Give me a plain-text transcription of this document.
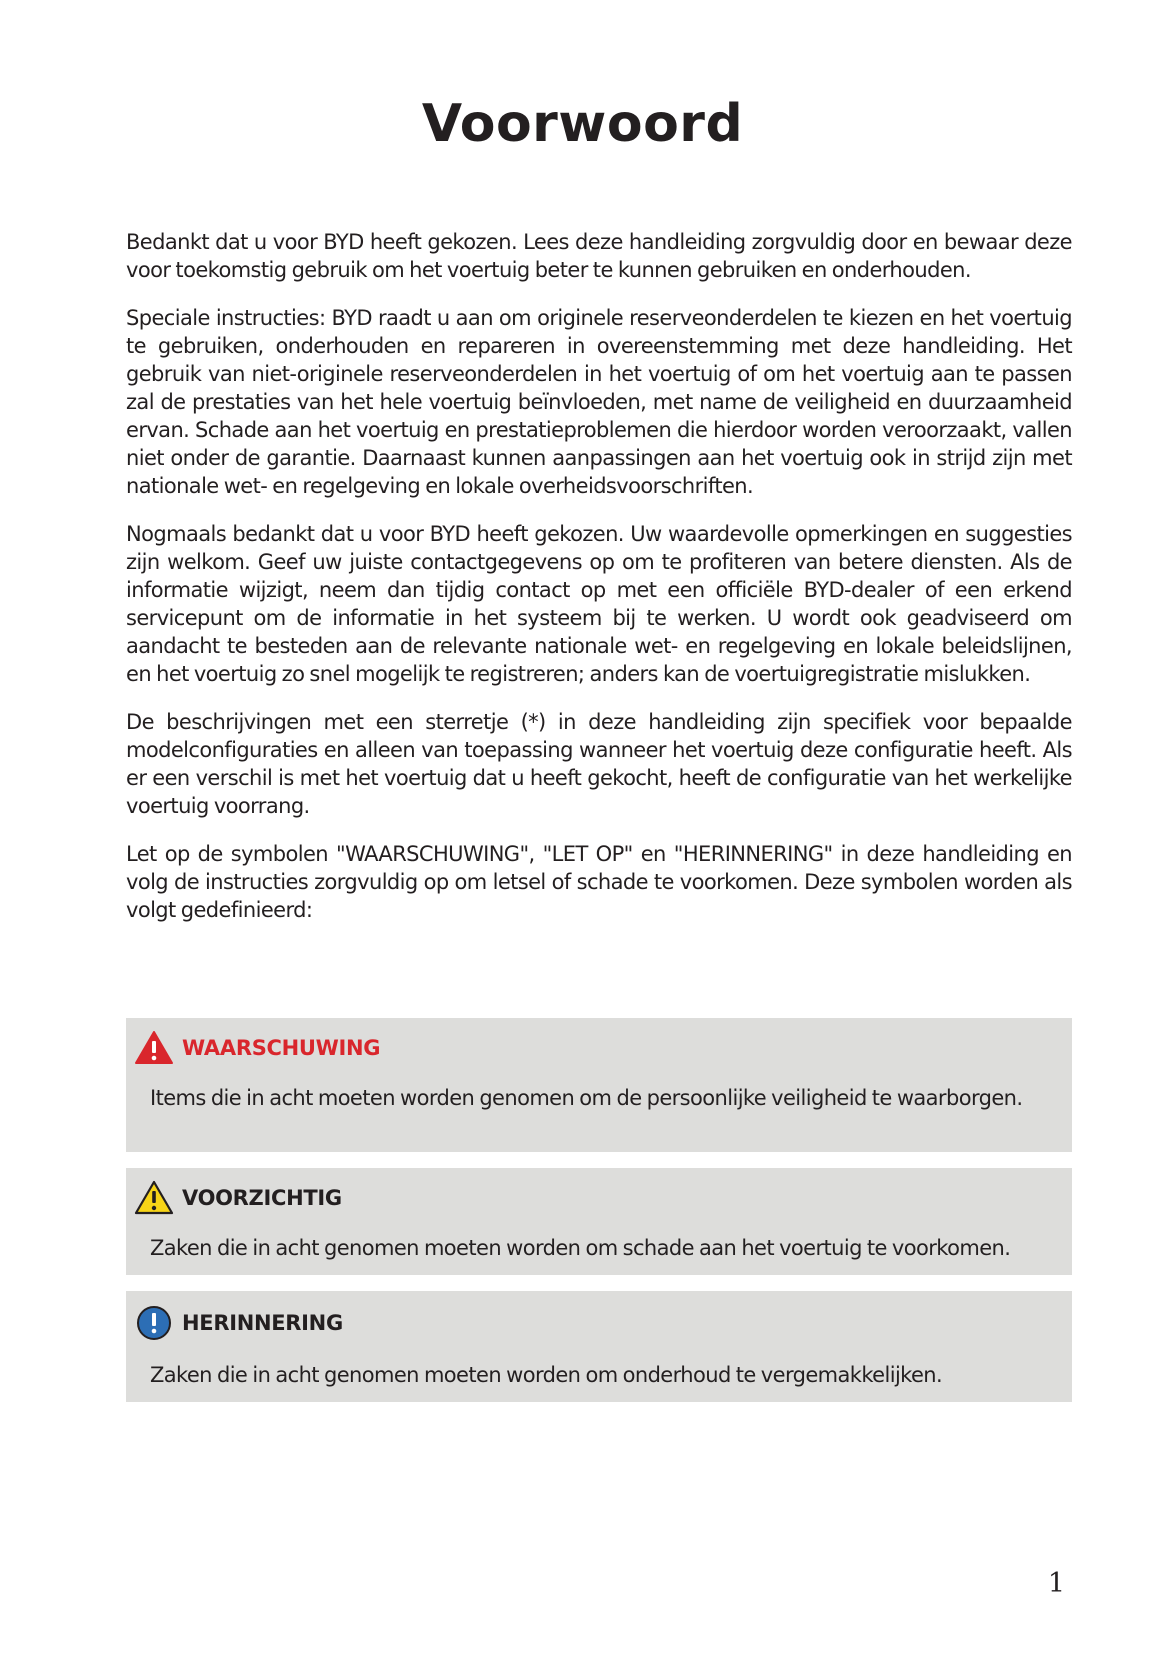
Voorwoord

Bedankt dat u voor BYD heeft gekozen. Lees deze handleiding zorgvuldig door en bewaar deze voor toekomstig gebruik om het voertuig beter te kunnen gebruiken en onderhouden.

Speciale instructies: BYD raadt u aan om originele reserveonderdelen te kiezen en het voertuig te gebruiken, onderhouden en repareren in overeenstemming met deze handleiding. Het gebruik van niet-originele reserveonderdelen in het voertuig of om het voertuig aan te passen zal de prestaties van het hele voertuig beïnvloeden, met name de veiligheid en duurzaamheid ervan. Schade aan het voertuig en prestatieproblemen die hierdoor worden veroorzaakt, vallen niet onder de garantie. Daarnaast kunnen aanpassingen aan het voertuig ook in strijd zijn met nationale wet- en regelgeving en lokale overheidsvoorschriften.

Nogmaals bedankt dat u voor BYD heeft gekozen. Uw waardevolle opmerkingen en suggesties zijn welkom. Geef uw juiste contactgegevens op om te profiteren van betere diensten. Als de informatie wijzigt, neem dan tijdig contact op met een officiële BYD-dealer of een erkend servicepunt om de informatie in het systeem bij te werken. U wordt ook geadviseerd om aandacht te besteden aan de relevante nationale wet- en regelgeving en lokale beleidslijnen, en het voertuig zo snel mogelijk te registreren; anders kan de voertuigregistratie mislukken.

De beschrijvingen met een sterretje (*) in deze handleiding zijn specifiek voor bepaalde modelconfiguraties en alleen van toepassing wanneer het voertuig deze configuratie heeft. Als er een verschil is met het voertuig dat u heeft gekocht, heeft de configuratie van het werkelijke voertuig voorrang.

Let op de symbolen "WAARSCHUWING", "LET OP" en "HERINNERING" in deze handleiding en volg de instructies zorgvuldig op om letsel of schade te voorkomen. Deze symbolen worden als volgt gedefinieerd:

WAARSCHUWING

Items die in acht moeten worden genomen om de persoonlijke veiligheid te waarborgen.

VOORZICHTIG

Zaken die in acht genomen moeten worden om schade aan het voertuig te voorkomen.

HERINNERING

Zaken die in acht genomen moeten worden om onderhoud te vergemakkelijken.

1
